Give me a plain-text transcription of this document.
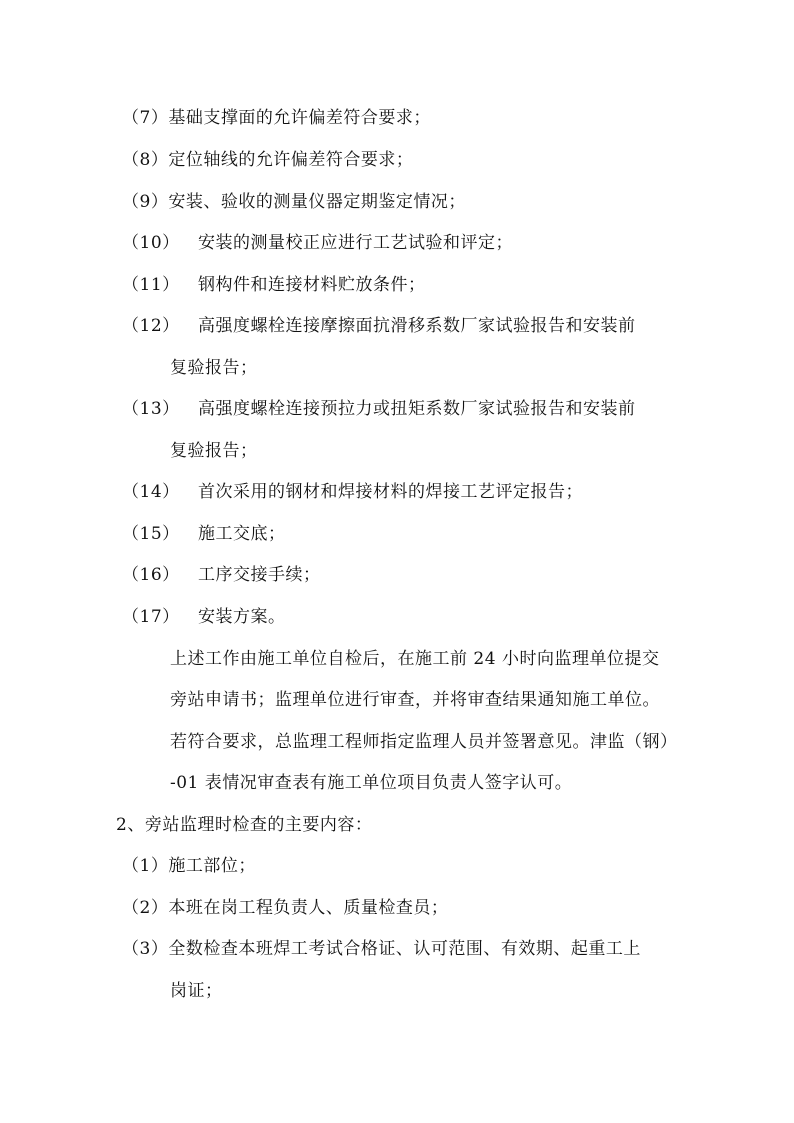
（7）基础支撑面的允许偏差符合要求；
（8）定位轴线的允许偏差符合要求；
（9）安装、验收的测量仪器定期鉴定情况；
（10） 安装的测量校正应进行工艺试验和评定；
（11） 钢构件和连接材料贮放条件；
（12） 高强度螺栓连接摩擦面抗滑移系数厂家试验报告和安装前
复验报告；
（13） 高强度螺栓连接预拉力或扭矩系数厂家试验报告和安装前
复验报告；
（14） 首次采用的钢材和焊接材料的焊接工艺评定报告；
（15） 施工交底；
（16） 工序交接手续；
（17） 安装方案。
上述工作由施工单位自检后，在施工前 24 小时向监理单位提交
旁站申请书；监理单位进行审查，并将审查结果通知施工单位。
若符合要求，总监理工程师指定监理人员并签署意见。津监（钢）
-01 表情况审查表有施工单位项目负责人签字认可。
2、旁站监理时检查的主要内容：
（1）施工部位；
（2）本班在岗工程负责人、质量检查员；
（3）全数检查本班焊工考试合格证、认可范围、有效期、起重工上
岗证；
